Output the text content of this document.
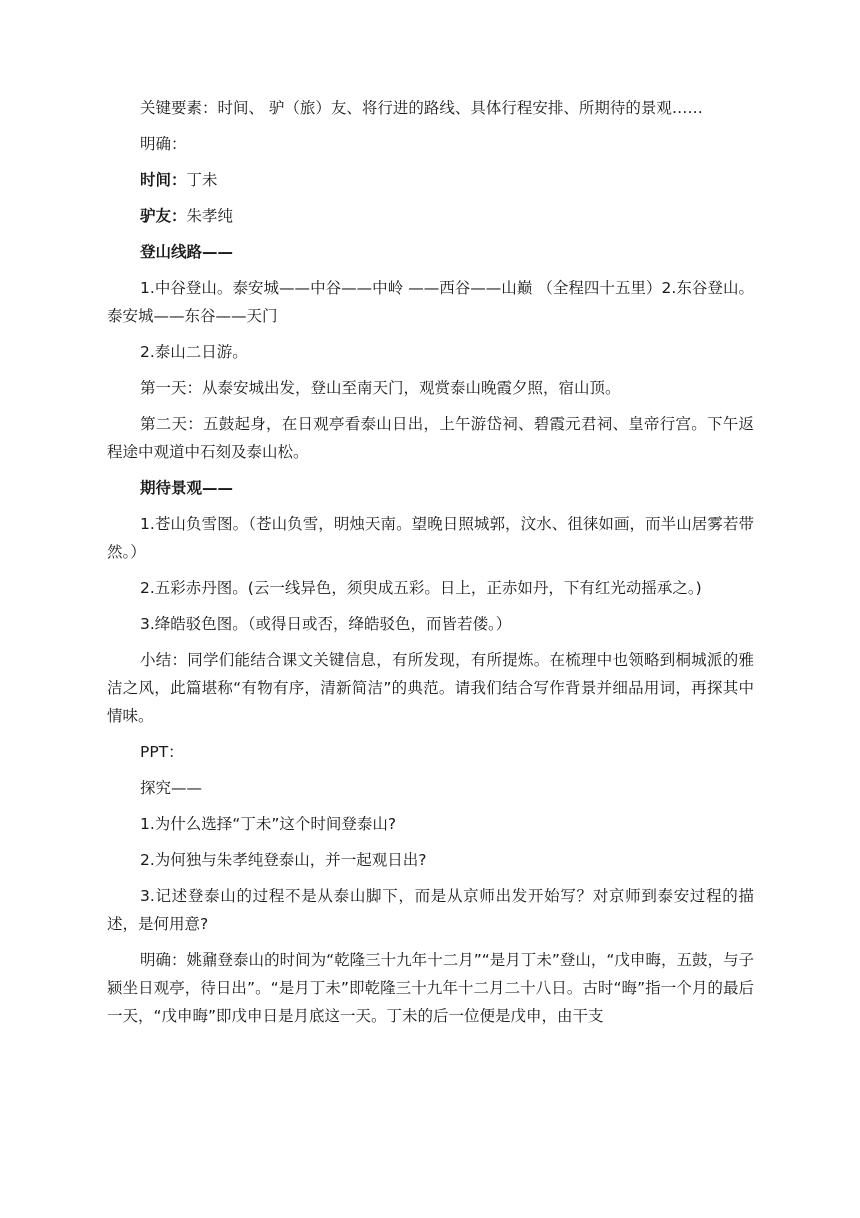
关键要素：时间、 驴（旅）友、将行进的路线、具体行程安排、所期待的景观……

明确：

时间：丁未

驴友：朱孝纯

登山线路——

1.中谷登山。泰安城——中谷——中岭 ——西谷——山巅 （全程四十五里）2.东谷登山。泰安城——东谷——天门

2.泰山二日游。

第一天：从泰安城出发，登山至南天门，观赏泰山晚霞夕照，宿山顶。

第二天：五鼓起身，在日观亭看泰山日出，上午游岱祠、碧霞元君祠、皇帝行宫。下午返程途中观道中石刻及泰山松。

期待景观——

1.苍山负雪图。（苍山负雪，明烛天南。望晚日照城郭，汶水、徂徕如画，而半山居雾若带然。）

2.五彩赤丹图。(云一线异色，须臾成五彩。日上，正赤如丹，下有红光动摇承之。)

3.绛皓驳色图。（或得日或否，绛皓驳色，而皆若偻。）

小结：同学们能结合课文关键信息，有所发现，有所提炼。在梳理中也领略到桐城派的雅洁之风，此篇堪称“有物有序，清新简洁”的典范。请我们结合写作背景并细品用词，再探其中情味。

PPT：

探究——

1.为什么选择“丁未”这个时间登泰山?

2.为何独与朱孝纯登泰山，并一起观日出?

3.记述登泰山的过程不是从泰山脚下，而是从京师出发开始写？对京师到泰安过程的描述，是何用意?

明确：姚鼐登泰山的时间为“乾隆三十九年十二月”“是月丁未”登山，“戊申晦，五鼓，与子颍坐日观亭，待日出”。“是月丁未”即乾隆三十九年十二月二十八日。古时“晦”指一个月的最后一天，“戊申晦”即戊申日是月底这一天。丁未的后一位便是戊申，由干支
